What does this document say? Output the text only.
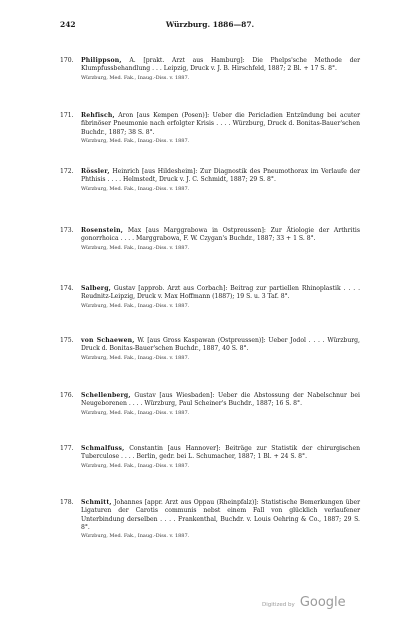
242	Würzburg. 1886—87.
170.	Philippson, A. [prakt. Arzt aus Hamburg]: Die Phelps'sche Methode der Klumpfussbehandlung . . . Leipzig, Druck v. J. B. Hirschfeld, 1887; 2 Bl. + 17 S. 8°.
Würzburg, Med. Fak., Inaug.-Diss. v. 1887.
171.	Rehfisch, Aron [aus Kempen (Posen)]: Ueber die Pericladien Entzündung bei acuter fibrinöser Pneumonie nach erfolgter Krisis . . . . Würzburg, Druck d. Bonitas-Bauer'schen Buchdr., 1887; 38 S. 8°.
Würzburg, Med. Fak., Inaug.-Diss. v. 1887.
172.	Rössler, Heinrich [aus Hildesheim]: Zur Diagnostik des Pneumothorax im Verlaufe der Phthisis . . . . Helmstedt, Druck v. J. C. Schmidt, 1887; 29 S. 8°.
Würzburg, Med. Fak., Inaug.-Diss. v. 1887.
173.	Rosenstein, Max [aus Marggrabowa in Ostpreussen]: Zur Ätiologie der Arthritis gonorrhoica . . . . Marggrabowa, F. W. Czygan's Buchdr., 1887; 33 + 1 S. 8°.
Würzburg, Med. Fak., Inaug.-Diss. v. 1887.
174.	Salberg, Gustav [approb. Arzt aus Corbach]: Beitrag zur partiellen Rhinoplastik . . . . Reudnitz-Leipzig, Druck v. Max Hoffmann (1887); 19 S. u. 3 Taf. 8°.
Würzburg, Med. Fak., Inaug.-Diss. v. 1887.
175.	von Schaewen, W. [aus Gross Kaspawan (Ostpreussen)]: Ueber Jodol . . . . Würzburg, Druck d. Bonitas-Bauer'schen Buchdr., 1887, 40 S. 8°.
Würzburg, Med. Fak., Inaug.-Diss. v. 1887.
176.	Schellenberg, Gustav [aus Wiesbaden]: Ueber die Abstossung der Nabelschnur bei Neugeborenen . . . . Würzburg, Paul Scheiner's Buchdr., 1887; 16 S. 8°.
Würzburg, Med. Fak., Inaug.-Diss. v. 1887.
177.	Schmalfuss, Constantin [aus Hannover]: Beiträge zur Statistik der chirurgischen Tuberculose . . . . Berlin, gedr. bei L. Schumacher, 1887; 1 Bl. + 24 S. 8°.
Würzburg, Med. Fak., Inaug.-Diss. v. 1887.
178.	Schmitt, Johannes [appr. Arzt aus Oppau (Rheinpfalz)]: Statistische Bemerkungen über Ligaturen der Carotis communis nebst einem Fall von glücklich verlaufener Unterbindung derselben . . . . Frankenthal, Buchdr. v. Louis Oehring & Co., 1887; 29 S. 8°.
Würzburg, Med. Fak., Inaug.-Diss. v. 1887.
Digitized by Google
